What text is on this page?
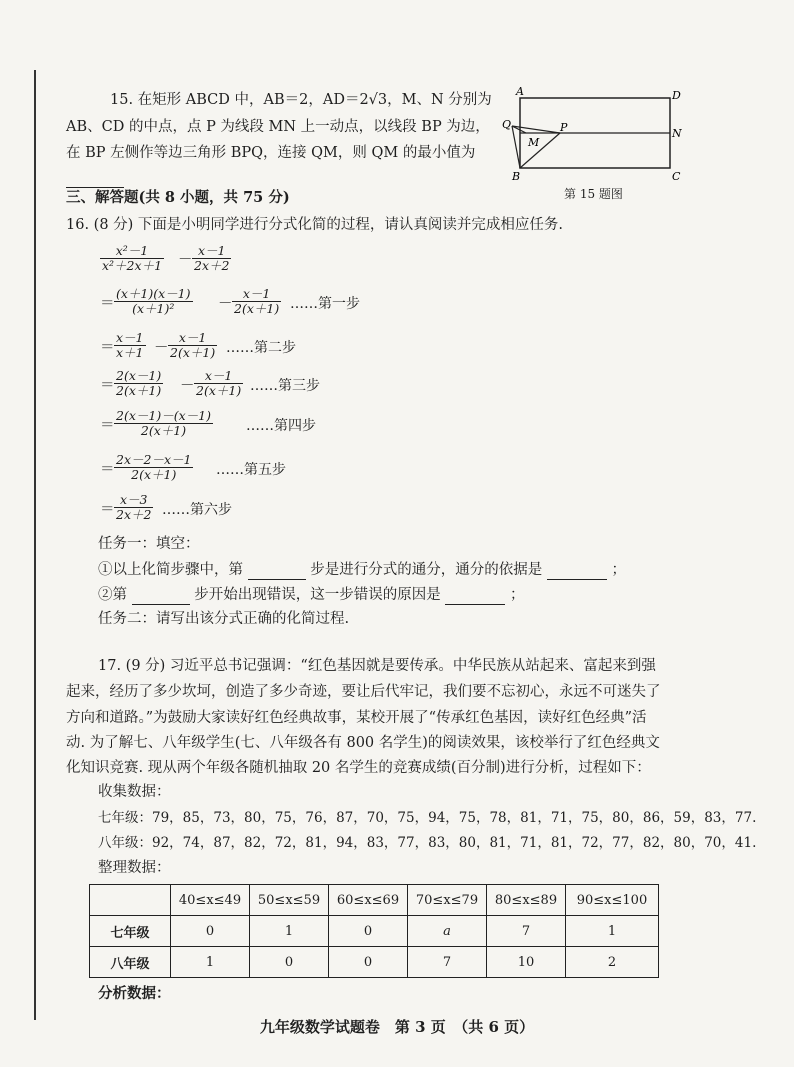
15. 在矩形 ABCD 中，AB＝2，AD＝2√3，M、N 分别为
AB、CD 的中点，点 P 为线段 MN 上一动点，以线段 BP 为边，
在 BP 左侧作等边三角形 BPQ，连接 QM，则 QM 的最小值为
A	D
Q	P	N
M
B	C
第 15 题图
三、解答题(共 8 小题，共 75 分)
16. (8 分) 下面是小明同学进行分式化简的过程，请认真阅读并完成相应任务.
$\frac{\text{x²－1}}{\text{x²＋2x＋1}} - \frac{x-1}{2x+2}$
＝ $\frac{(x+1)(x-1)}{\text{(x＋1)²}} - \frac{x-1}{2(x+1)}$ ……第一步
＝ $\frac{x-1}{x+1} - \frac{x-1}{2(x+1)}$ ……第二步
＝ $\frac{2(x-1)}{2(x+1)} - \frac{x-1}{2(x+1)}$ ……第三步
＝ $\frac{2(x-1)-(x-1)}{2(x+1)}$ ……第四步
＝ $\frac{2x-2-x-1}{2(x+1)}$ ……第五步
＝ $\frac{x-3}{2x+2}$ ……第六步
任务一：填空：
①以上化简步骤中，第	步是进行分式的通分，通分的依据是	；
②第	步开始出现错误，这一步错误的原因是	；
任务二：请写出该分式正确的化简过程.
17. (9 分) 习近平总书记强调：“红色基因就是要传承。中华民族从站起来、富起来到强
起来，经历了多少坎坷，创造了多少奇迹，要让后代牢记，我们要不忘初心，永远不可迷失了
方向和道路。”为鼓励大家读好红色经典故事，某校开展了“传承红色基因，读好红色经典”活
动. 为了解七、八年级学生(七、八年级各有 800 名学生)的阅读效果，该校举行了红色经典文
化知识竞赛. 现从两个年级各随机抽取 20 名学生的竞赛成绩(百分制)进行分析，过程如下：
收集数据：
七年级：79，85，73，80，75，76，87，70，75，94，75，78，81，71，75，80，86，59，83，77.
八年级：92，74，87，82，72，81，94，83，77，83，80，81，71，81，72，77，82，80，70，41.
整理数据：
	40≤x≤49	50≤x≤59	60≤x≤69	70≤x≤79	80≤x≤89	90≤x≤100
七年级	0	1	0	a	7	1
八年级	1	0	0	7	10	2
分析数据：
九年级数学试题卷　第 3 页　（共 6 页）
